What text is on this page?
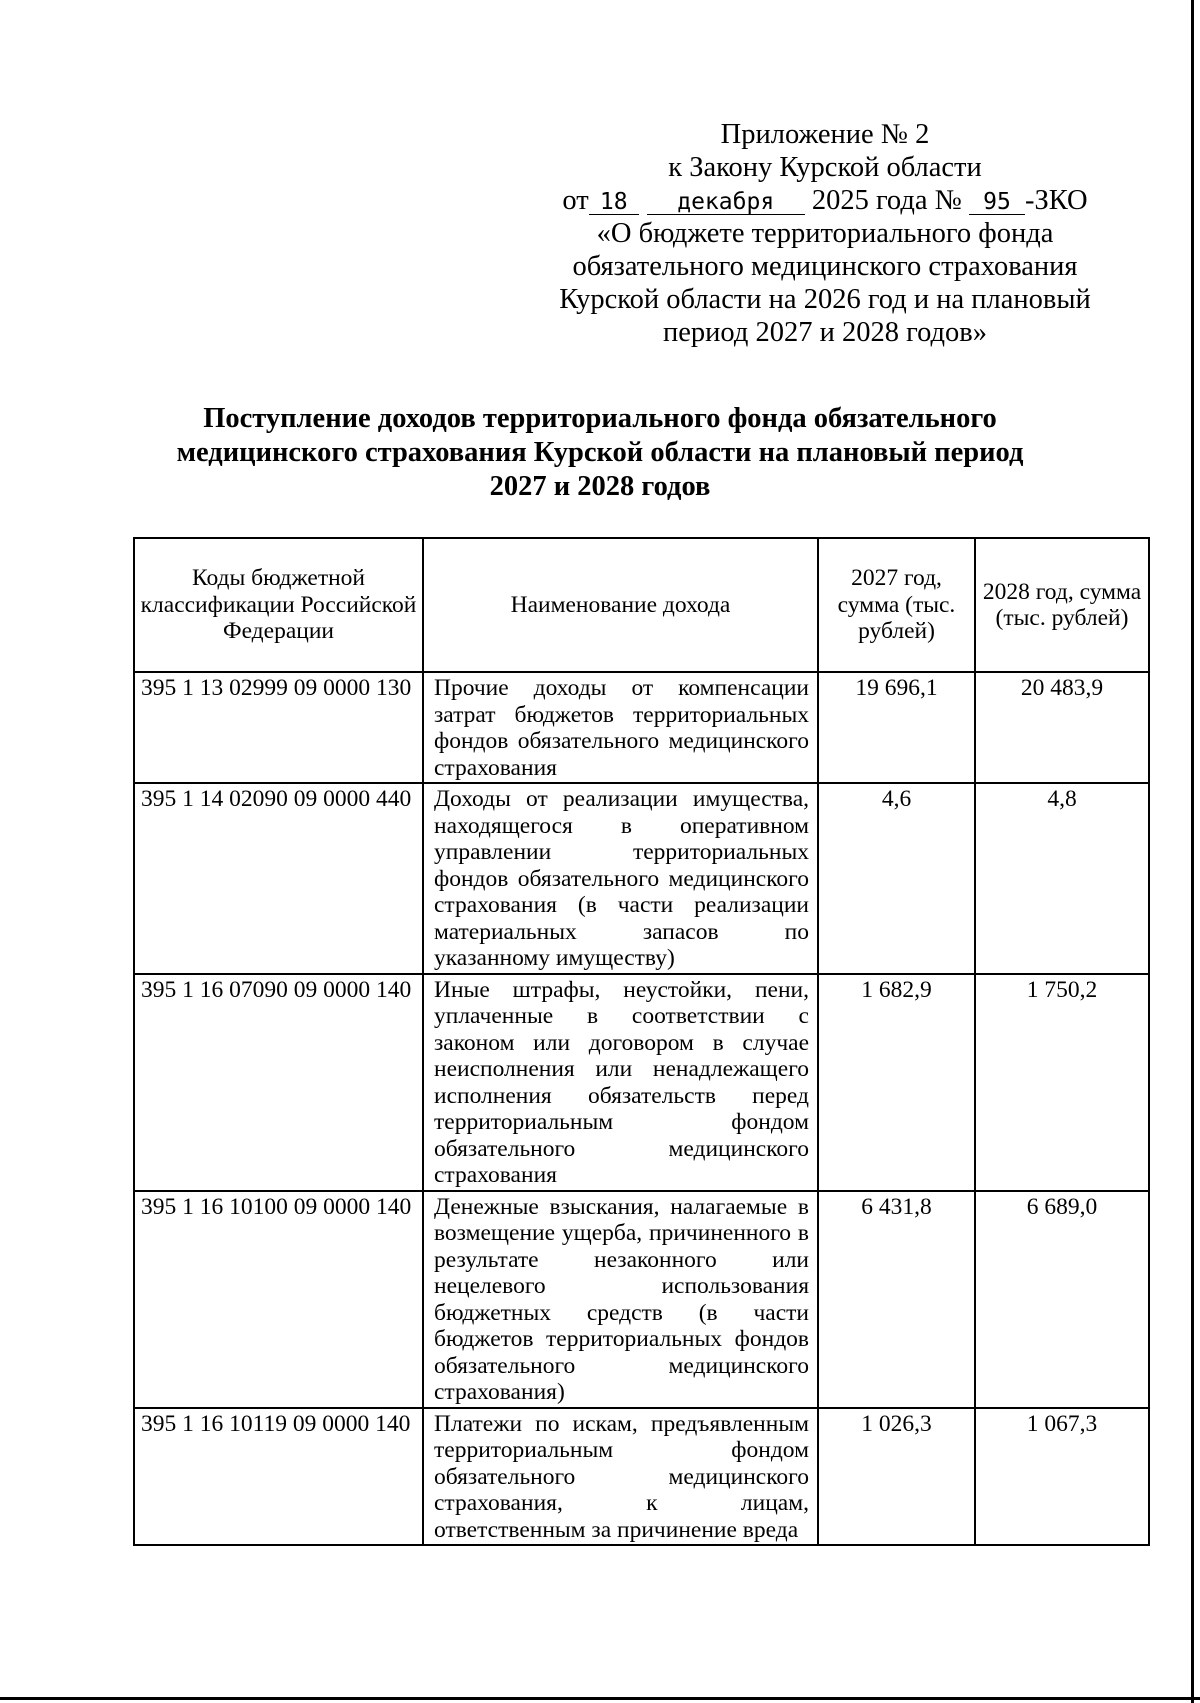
Приложение № 2
к Закону Курской области
от 18 декабря 2025 года № 95 -ЗКО
«О бюджете территориального фонда
обязательного медицинского страхования
Курской области на 2026 год и на плановый
период 2027 и 2028 годов»
Поступление доходов территориального фонда обязательного
медицинского страхования Курской области на плановый период
2027 и 2028 годов
Коды бюджетной классификации Российской Федерации	Наименование дохода	2027 год, сумма (тыс. рублей)	2028 год, сумма (тыс. рублей)
395 1 13 02999 09 0000 130	Прочие доходы от компенсации затрат бюджетов территориальных фондов обязательного медицинского страхования	19 696,1	20 483,9
395 1 14 02090 09 0000 440	Доходы от реализации имущества, находящегося в оперативном управлении территориальных фондов обязательного медицинского страхования (в части реализации материальных запасов по указанному имуществу)	4,6	4,8
395 1 16 07090 09 0000 140	Иные штрафы, неустойки, пени, уплаченные в соответствии с законом или договором в случае неисполнения или ненадлежащего исполнения обязательств перед территориальным фондом обязательного медицинского страхования	1 682,9	1 750,2
395 1 16 10100 09 0000 140	Денежные взыскания, налагаемые в возмещение ущерба, причиненного в результате незаконного или нецелевого использования бюджетных средств (в части бюджетов территориальных фондов обязательного медицинского страхования)	6 431,8	6 689,0
395 1 16 10119 09 0000 140	Платежи по искам, предъявленным территориальным фондом обязательного медицинского страхования, к лицам, ответственным за причинение вреда	1 026,3	1 067,3
